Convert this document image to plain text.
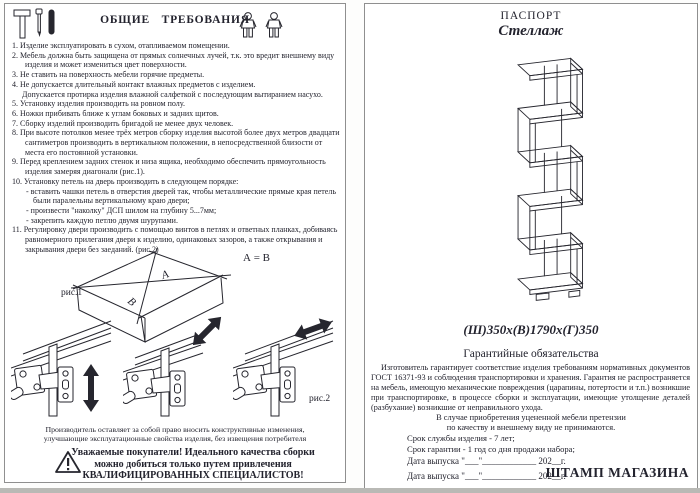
ОБЩИЕ ТРЕБОВАНИЯ
1. Изделие эксплуатировать в сухом, отапливаемом помещении.
2. Мебель должна быть защищена от прямых солнечных лучей, т.к. это вредит внешнему виду изделия и может измениться цвет поверхности.
3. Не ставить на поверхность мебели горячие предметы.
4. Не допускается длительный контакт влажных предметов с изделием.
Допускается протирка изделия влажной салфеткой с последующим вытиранием насухо.
5. Установку изделия производить на ровном полу.
6. Ножки прибивать ближе к углам боковых и задних щитов.
7. Сборку изделий производить бригадой не менее двух человек.
8. При высоте потолков менее трёх метров сборку изделия высотой более двух метров двадцати сантиметров производить в вертикальном положении, в непосредственной близости от места его постоянной установки.
9. Перед креплением задних стенок и низа ящика, необходимо обеспечить прямоугольность изделия замеряя диагонали (рис.1).
10. Установку петель на дверь производить в следующем порядке:
- вставить чашки петель в отверстия дверей так, чтобы металлические прямые края петель были паралельны вертикальному краю двери;
- произвести "наколку" ДСП шилом на глубину 5...7мм;
- закрепить каждую петлю двумя шурупами.
11. Регулировку двери производить с помощью винтов в петлях и ответных планках, добиваясь равномерного прилегания двери к изделию, одинаковых зазоров, а также открывания и закрывания двери без заеданий. (рис.2)
рис.1
А = В
А
В
рис.2
Производитель оставляет за собой право вносить конструктивные изменения,
улучшающие эксплуатационные свойства изделия, без извещения потребителя
Уважаемые покупатели! Идеального качества сборки
можно добиться только путем привлечения
КВАЛИФИЦИРОВАННЫХ СПЕЦИАЛИСТОВ!
ПАСПОРТ
Стеллаж
(Ш)350х(В)1790х(Г)350
Гарантийные обязательства
Изготовитель гарантирует соответствие изделия требованиям нормативных документов ГОСТ 16371-93 и соблюдения транспортировки и хранения. Гарантия не распространяется на мебель, имеющую механические повреждения (царапины, потертости и т.п.) возникшие при транспортировке, в процессе сборки и эксплуатации, имеющие утолщение деталей (разбухание) возникшие от неправильного ухода.
В случае приобретения уцененной мебели претензии
по качеству и внешнему виду не принимаются.
Срок службы изделия - 7 лет;
Срок гарантии - 1 год со дня продажи набора;
Дата выпуска "___"____________ 202__г.
Дата выпуска "___"____________ 202__г.
ШТАМП МАГАЗИНА
